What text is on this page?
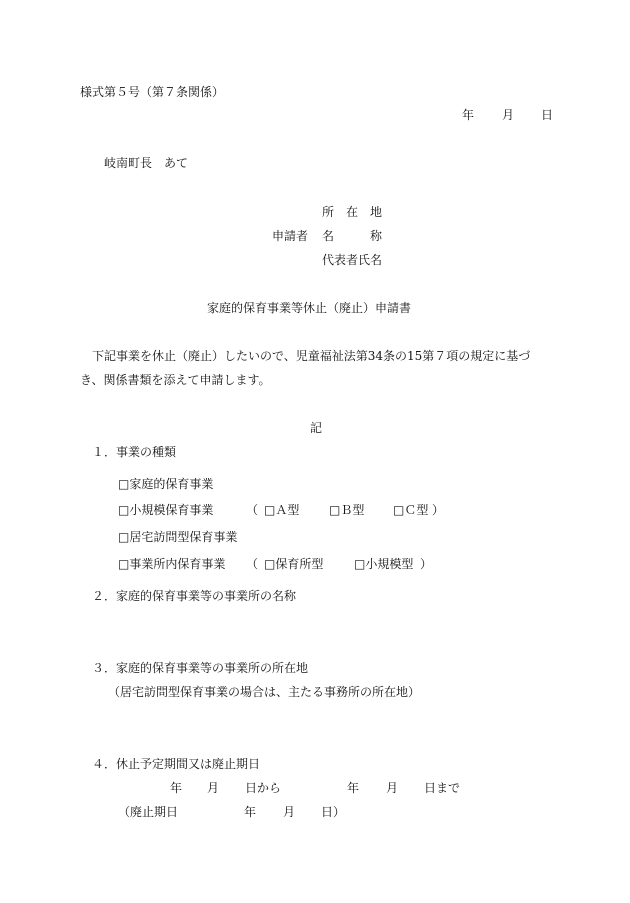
様式第５号（第７条関係）
年 月 日
岐南町長　あて
所　在　地
申請者 名　　　称
代表者氏名
家庭的保育事業等休止（廃止）申請書
下記事業を休止（廃止）したいので、児童福祉法第34条の15第７項の規定に基づ
き、関係書類を添えて申請します。
記
１．事業の種類
□家庭的保育事業
□小規模保育事業	（ □Ａ型 □Ｂ型 □Ｃ型 ）
□居宅訪問型保育事業
□事業所内保育事業 （ □保育所型	□小規模型 ）
２．家庭的保育事業等の事業所の名称
３．家庭的保育事業等の事業所の所在地
（居宅訪問型保育事業の場合は、主たる事務所の所在地）
４．休止予定期間又は廃止期日
年 月 日から	年 月 日まで
（廃止期日	年 月 日）
